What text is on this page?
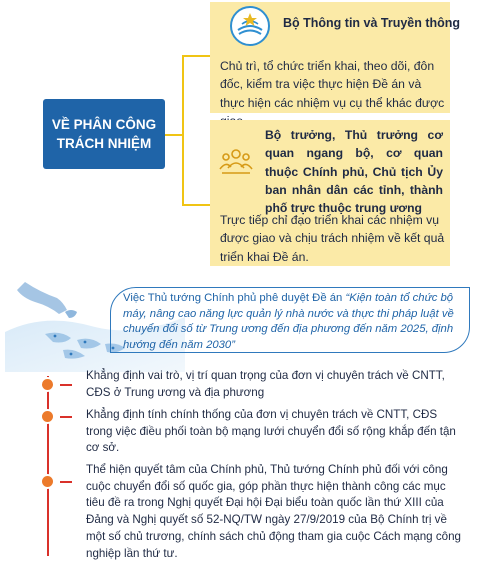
VỀ PHÂN CÔNG
TRÁCH NHIỆM
Bộ Thông tin và Truyền thông
Chủ trì, tổ chức triển khai, theo dõi, đôn đốc, kiểm tra việc thực hiện Đề án và thực hiện các nhiệm vụ cụ thể khác được
Bộ trưởng, Thủ trưởng cơ quan ngang bộ, cơ quan thuộc Chính phủ, Chủ tịch Ủy ban nhân dân các tỉnh, thành phố trực thuộc trung ương
Trực tiếp chỉ đạo triển khai các nhiệm vụ được giao và chịu trách nhiệm về kết quả triển khai Đề án.
Việc Thủ tướng Chính phủ phê duyệt Đề án “Kiện toàn tổ chức bộ máy, nâng cao năng lực quản lý nhà nước và thực thi pháp luật về chuyển đổi số từ Trung ương đến địa phương đến năm 2025, định hướng đến năm 2030”
Khẳng định vai trò, vị trí quan trọng của đơn vị chuyên trách về CNTT, CĐS ở Trung ương và địa phương
Khẳng định tính chính thống của đơn vị chuyên trách về CNTT, CĐS trong việc điều phối toàn bộ mạng lưới chuyển đổi số rộng khắp đến tận cơ sở.
Thể hiện quyết tâm của Chính phủ, Thủ tướng Chính phủ đối với công cuộc chuyển đổi số quốc gia, góp phần thực hiện thành công các mục tiêu đề ra trong Nghị quyết Đại hội Đại biểu toàn quốc lần thứ XIII của Đảng và Nghị quyết số 52-NQ/TW ngày 27/9/2019 của Bộ Chính trị về một số chủ trương, chính sách chủ động tham gia cuộc Cách mạng công nghiệp lần thứ tư.
